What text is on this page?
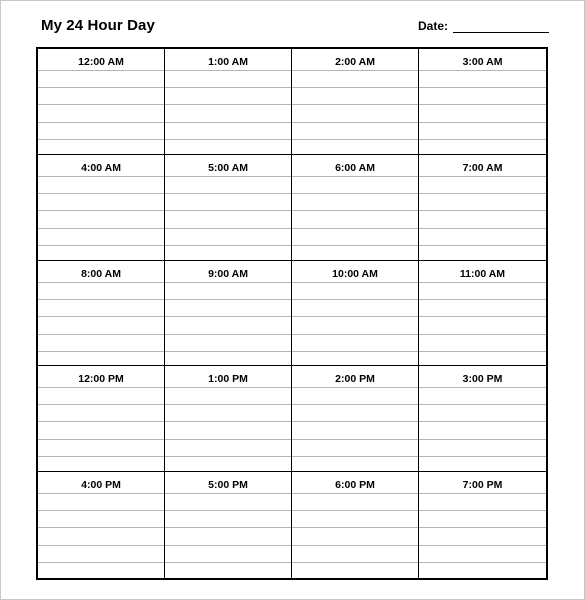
My 24 Hour Day	Date:
12:00 AM	1:00 AM	2:00 AM	3:00 AM
4:00 AM	5:00 AM	6:00 AM	7:00 AM
8:00 AM	9:00 AM	10:00 AM	11:00 AM
12:00 PM	1:00 PM	2:00 PM	3:00 PM
4:00 PM	5:00 PM	6:00 PM	7:00 PM
